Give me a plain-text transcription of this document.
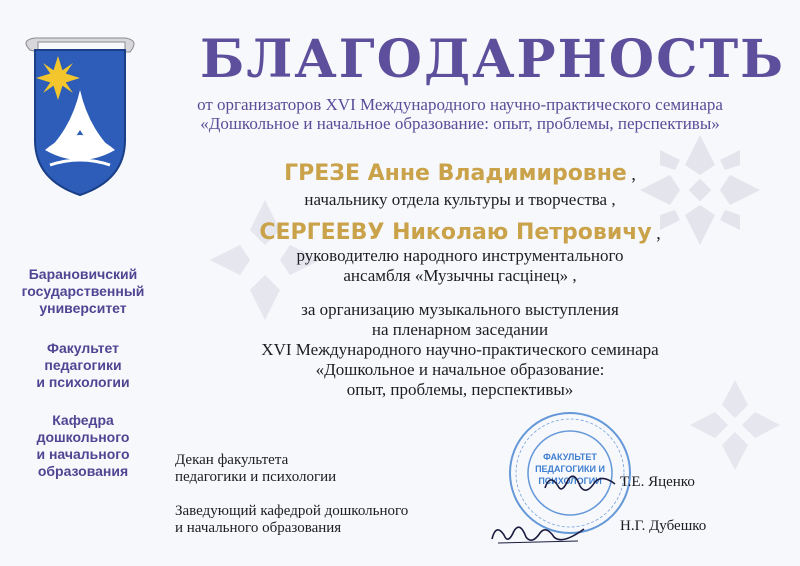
БЛАГОДАРНОСТЬ
от организаторов XVI Международного научно-практического семинара
«Дошкольное и начальное образование: опыт, проблемы, перспективы»
ГРЕЗЕ Анне Владимировне ,
начальнику отдела культуры и творчества ,
СЕРГЕЕВУ Николаю Петровичу ,
руководителю народного инструментального
ансамбля «Музычны гасцінец» ,
за организацию музыкального выступления
на пленарном заседании
XVI Международного научно-практического семинара
«Дошкольное и начальное образование:
опыт, проблемы, перспективы»
Барановичский
государственный
университет
Факультет
педагогики
и психологии
Кафедра
дошкольного
и начального
образования
ФАКУЛЬТЕТ
ПЕДАГОГИКИ И
ПСИХОЛОГИИ
Декан факультета
педагогики и психологии	Т.Е. Яценко
Заведующий кафедрой дошкольного
и начального образования	Н.Г. Дубешко
